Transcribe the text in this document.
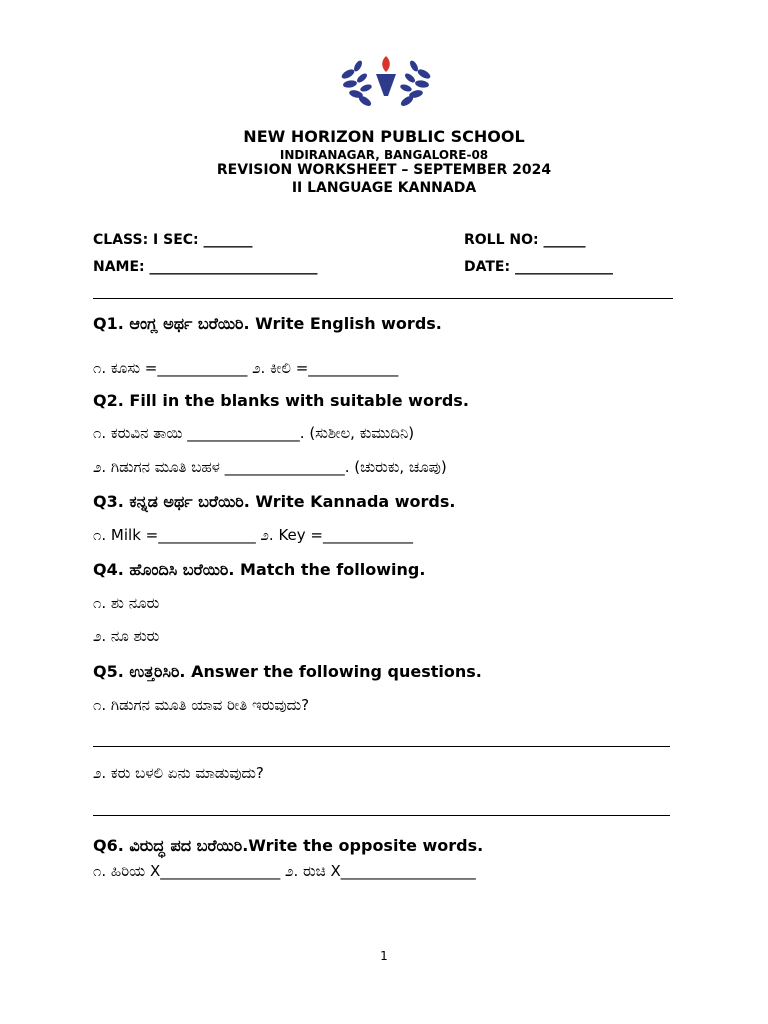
NEW HORIZON PUBLIC SCHOOL
INDIRANAGAR, BANGALORE-08
REVISION WORKSHEET – SEPTEMBER 2024
II LANGUAGE KANNADA
CLASS: I SEC: _______	ROLL NO: ______
NAME: ________________________	DATE: ______________
Q1. ಆಂಗ್ಲ ಅರ್ಥ ಬರೆಯಿರಿ. Write English words.
೧. ಕೂಸು =____________ ೨. ಕೀಲಿ =____________
Q2. Fill in the blanks with suitable words.
೧. ಕರುವಿನ ತಾಯಿ _______________. (ಸುಶೀಲ, ಕುಮುದಿನಿ)
೨. ಗಿಡುಗನ ಮೂತಿ ಬಹಳ ________________. (ಚುರುಕು, ಚೂಪು)
Q3. ಕನ್ನಡ ಅರ್ಥ ಬರೆಯಿರಿ. Write Kannada words.
೧. Milk =_____________ ೨. Key =____________
Q4. ಹೊಂದಿಸಿ ಬರೆಯಿರಿ. Match the following.
೧. ಶು ನೂರು
೨. ನೂ ಶುರು
Q5. ಉತ್ತರಿಸಿರಿ. Answer the following questions.
೧. ಗಿಡುಗನ ಮೂತಿ ಯಾವ ರೀತಿ ಇರುವುದು?
೨. ಕರು ಬಳಲಿ ಏನು ಮಾಡುವುದು?
Q6. ವಿರುದ್ಧ ಪದ ಬರೆಯಿರಿ.Write the opposite words.
೧. ಹಿರಿಯ X________________ ೨. ರುಚಿ X__________________
1
